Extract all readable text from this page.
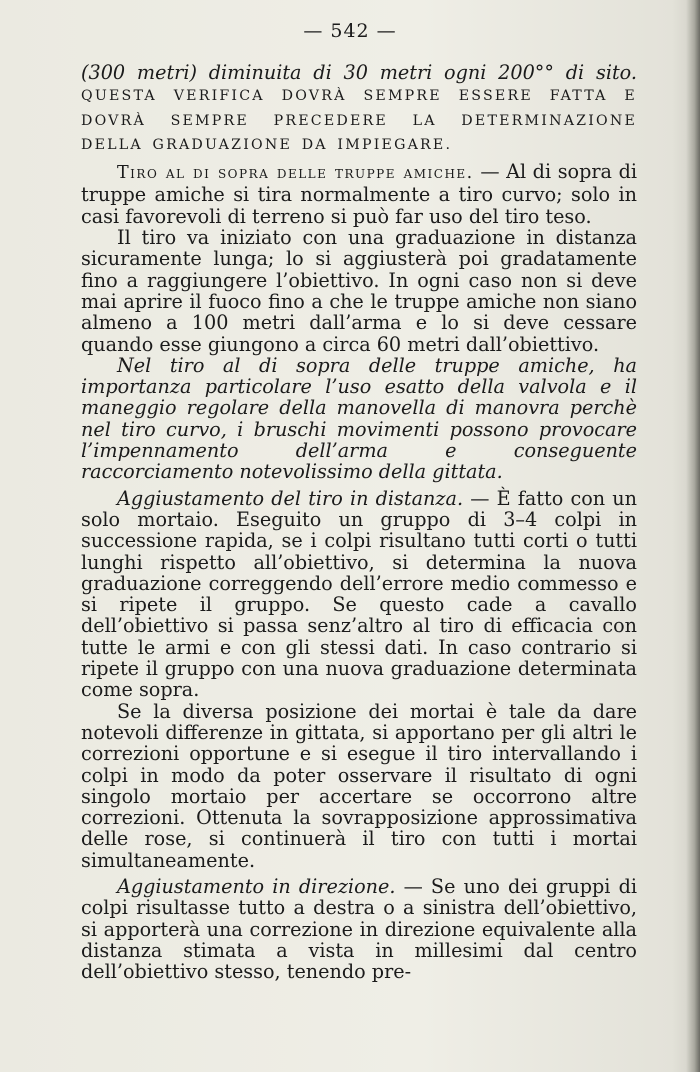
— 542 —

(300 metri) diminuita di 30 metri ogni 200°° di sito. QUESTA VERIFICA DOVRÀ SEMPRE ESSERE FATTA E DOVRÀ SEMPRE PRECEDERE LA DETERMINAZIONE DELLA GRADUAZIONE DA IMPIEGARE.

Tiro al di sopra delle truppe amiche. — Al di sopra di truppe amiche si tira normalmente a tiro curvo; solo in casi favorevoli di terreno si può far uso del tiro teso.

Il tiro va iniziato con una graduazione in distanza sicuramente lunga; lo si aggiusterà poi gradatamente fino a raggiungere l’obiettivo. In ogni caso non si deve mai aprire il fuoco fino a che le truppe amiche non siano almeno a 100 metri dall’arma e lo si deve cessare quando esse giungono a circa 60 metri dall’obiettivo.

Nel tiro al di sopra delle truppe amiche, ha importanza particolare l’uso esatto della valvola e il maneggio regolare della manovella di manovra perchè nel tiro curvo, i bruschi movimenti possono provocare l’impennamento dell’arma e conseguente raccorciamento notevolissimo della gittata.

Aggiustamento del tiro in distanza. — È fatto con un solo mortaio. Eseguito un gruppo di 3–4 colpi in successione rapida, se i colpi risultano tutti corti o tutti lunghi rispetto all’obiettivo, si determina la nuova graduazione correggendo dell’errore medio commesso e si ripete il gruppo. Se questo cade a cavallo dell’obiettivo si passa senz’altro al tiro di efficacia con tutte le armi e con gli stessi dati. In caso contrario si ripete il gruppo con una nuova graduazione determinata come sopra.

Se la diversa posizione dei mortai è tale da dare notevoli differenze in gittata, si apportano per gli altri le correzioni opportune e si esegue il tiro intervallando i colpi in modo da poter osservare il risultato di ogni singolo mortaio per accertare se occorrono altre correzioni. Ottenuta la sovrapposizione approssimativa delle rose, si continuerà il tiro con tutti i mortai simultaneamente.

Aggiustamento in direzione. — Se uno dei gruppi di colpi risultasse tutto a destra o a sinistra dell’obiettivo, si apporterà una correzione in direzione equivalente alla distanza stimata a vista in millesimi dal centro dell’obiettivo stesso, tenendo pre-
